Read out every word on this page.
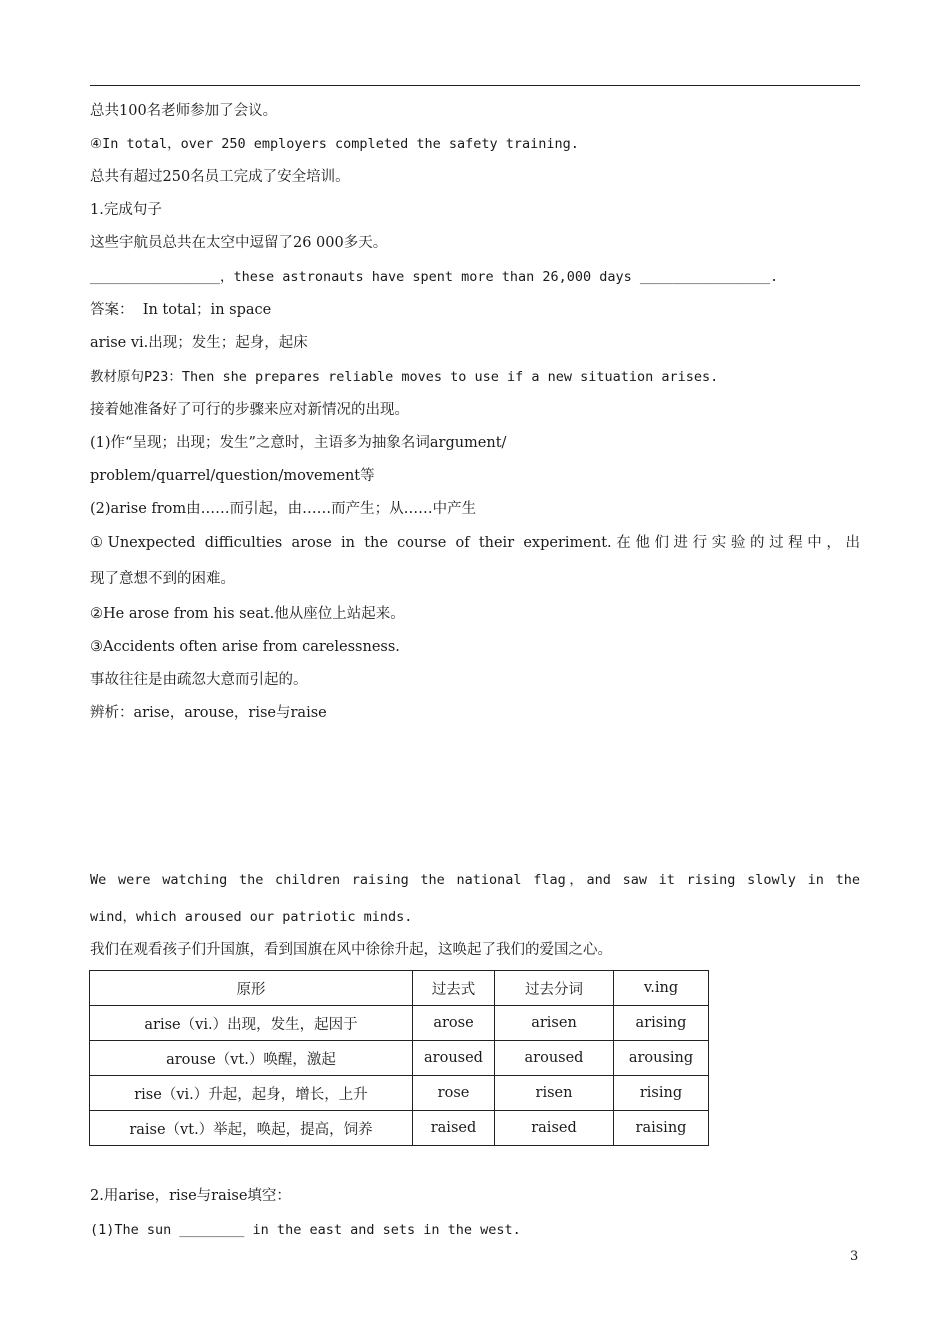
总共100名老师参加了会议。
④In total，over 250 employers completed the safety training.
总共有超过250名员工完成了安全培训。
1.完成句子
这些宇航员总共在太空中逗留了26 000多天。
________________，these astronauts have spent more than 26,000 days ________________.
答案：  In total；in space
arise vi.出现；发生；起身，起床
教材原句P23：Then she prepares reliable moves to use if a new situation arises.
接着她准备好了可行的步骤来应对新情况的出现。
(1)作“呈现；出现；发生”之意时，主语多为抽象名词argument/
problem/quarrel/question/movement等
(2)arise from由……而引起，由……而产生；从……中产生
①Unexpected difficulties arose in the course of their experiment.在他们进行实验的过程中，出
现了意想不到的困难。
②He arose from his seat.他从座位上站起来。
③Accidents often arise from carelessness.
事故往往是由疏忽大意而引起的。
辨析：arise，arouse，rise与raise
We were watching the children raising the national flag，and saw it rising slowly in the
wind，which aroused our patriotic minds.
我们在观看孩子们升国旗，看到国旗在风中徐徐升起，这唤起了我们的爱国之心。
原形	过去式	过去分词	v.ing
arise（vi.）出现，发生，起因于	arose	arisen	arising
arouse（vt.）唤醒，激起	aroused	aroused	arousing
rise（vi.）升起，起身，增长，上升	rose	risen	rising
raise（vt.）举起，唤起，提高，饲养	raised	raised	raising
2.用arise，rise与raise填空：
(1)The sun ________ in the east and sets in the west.
3
